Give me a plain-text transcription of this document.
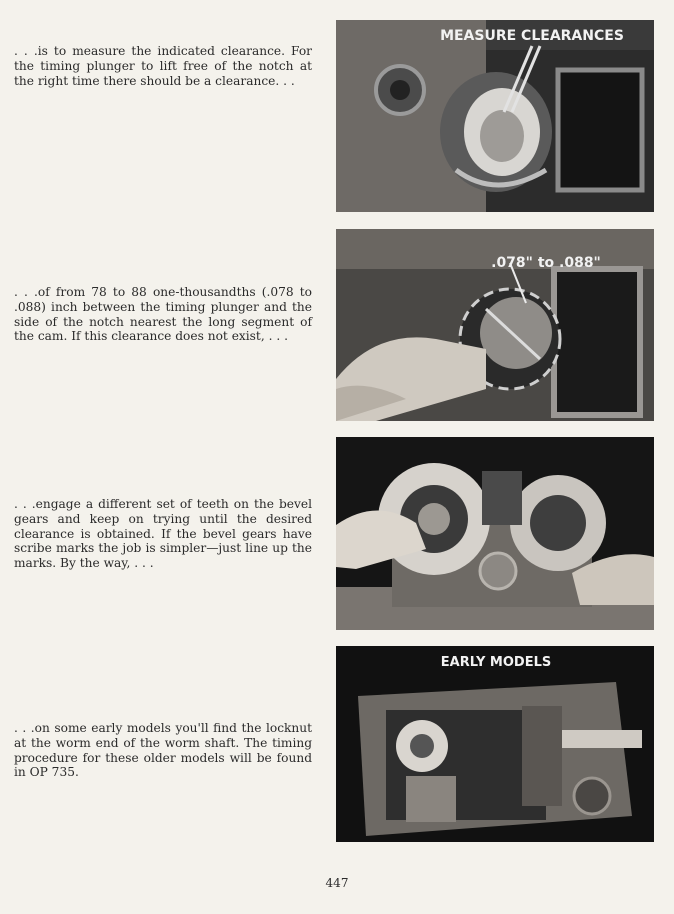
. . .is to measure the indicated clearance. For the timing plunger to lift free of the notch at the right time there should be a clearance. . .

. . .of from 78 to 88 one-thousandths (.078 to .088) inch between the timing plunger and the side of the notch nearest the long segment of the cam. If this clearance does not exist, . . .

. . .engage a different set of teeth on the bevel gears and keep on trying until the desired clearance is obtained. If the bevel gears have scribe marks the job is simpler—just line up the marks. By the way, . . .

. . .on some early models you'll find the locknut at the worm end of the worm shaft. The timing procedure for these older models will be found in OP 735.

MEASURE CLEARANCES
.078" to .088"
EARLY MODELS
447
